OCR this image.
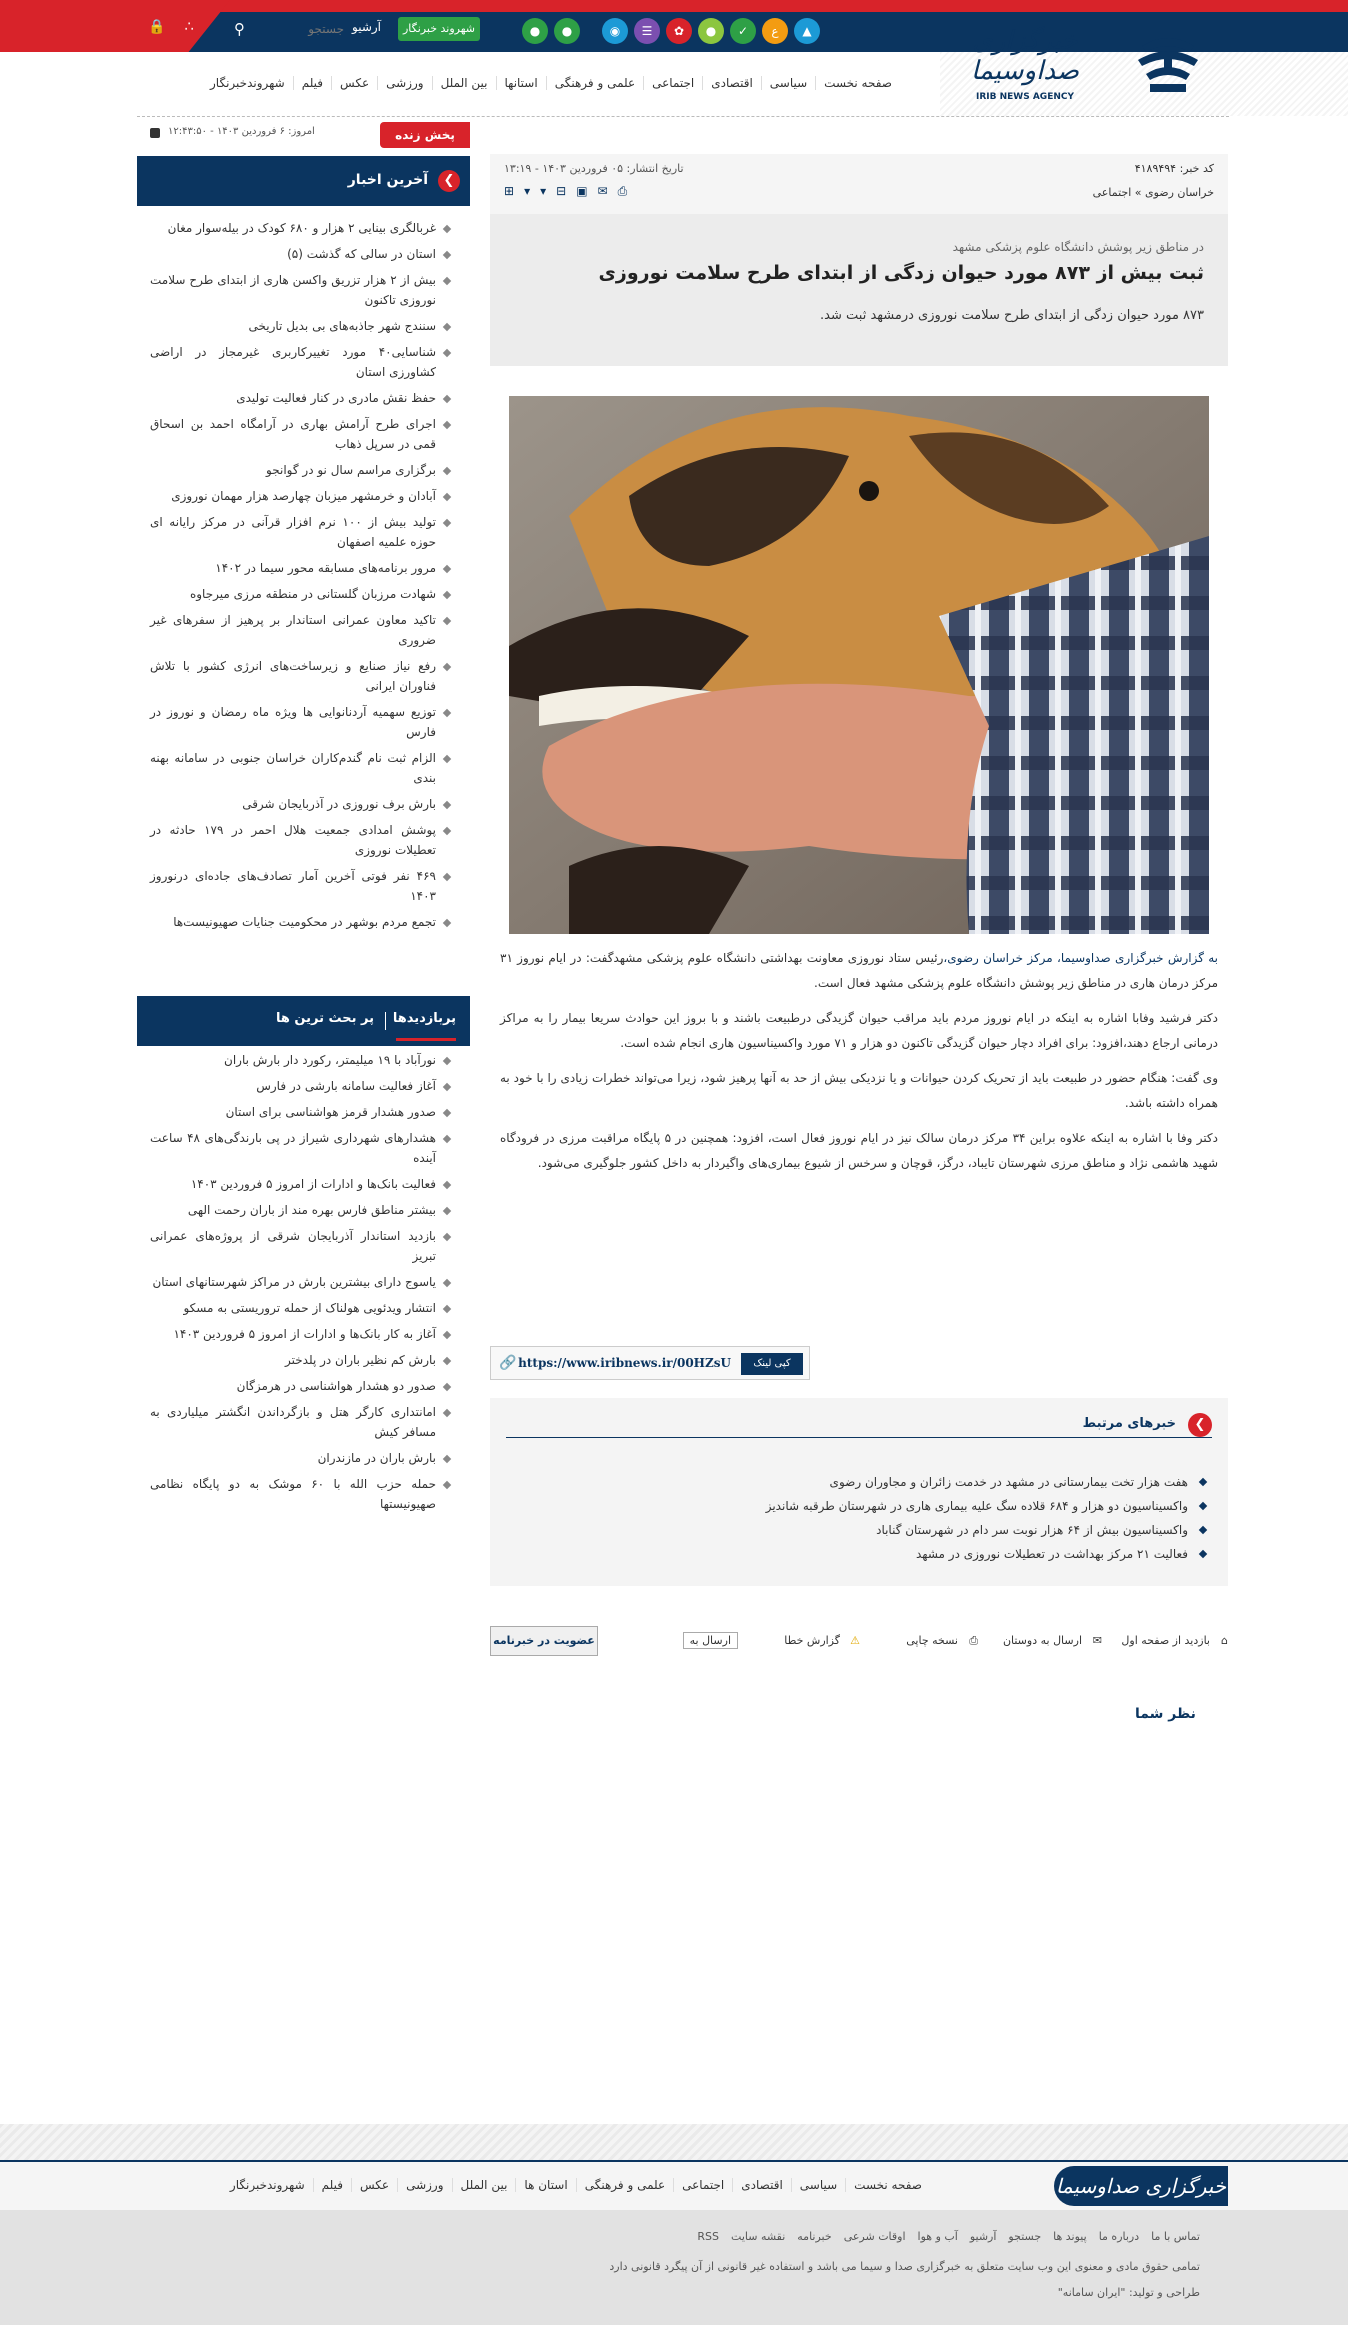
🔒	∴	⚲
جستجو	آرشیو	شهروند خبرنگار	●	●	◉	☰	✿	●	✓	ع	▲	خبرگزاری صداوسیما
IRIB NEWS AGENCY
صفحه نخست
سیاسی
اقتصادی
اجتماعی
علمی و فرهنگی
استانها
بین الملل
ورزشی
عکس
فیلم
شهروندخبرنگار
امروز: ۶ فروردین ۱۴۰۳ - ۱۲:۴۳:۵۰	پخش زنده
❮
آخرین اخبار
غربالگری بینایی ۲ هزار و ۶۸۰ کودک در بیله‌سوار مغان
استان در سالی که گذشت (۵)
بیش از ۲ هزار تزریق واکسن هاری از ابتدای طرح سلامت نوروزی تاکنون
سنندج شهر جاذبه‌های بی بدیل تاریخی
شناسایی۴۰ مورد تغییرکاربری غیرمجاز در اراضی کشاورزی استان
حفظ نقش مادری در کنار فعالیت تولیدی
اجرای طرح آرامش بهاری در آرامگاه احمد بن اسحاق قمی در سرپل ذهاب
برگزاری مراسم سال نو در گوانجو
آبادان و خرمشهر میزبان چهارصد هزار مهمان نوروزی
تولید بیش از ۱۰۰ نرم افزار قرآنی در مرکز رایانه ای حوزه علمیه اصفهان
مرور برنامه‌های مسابقه محور سیما در ۱۴۰۲
شهادت مرزبان گلستانی در منطقه مرزی میرجاوه
تاکید معاون عمرانی استاندار بر پرهیز از سفرهای غیر ضروری
رفع نیاز صنایع و زیرساخت‌های انرژی کشور با تلاش فناوران ایرانی
توزیع سهمیه آردنانوایی ها ویژه ماه رمضان و نوروز در فارس
الزام ثبت نام گندم‌کاران خراسان جنوبی در سامانه بهنه بندی
بارش برف نوروزی در آذربایجان شرقی
پوشش امدادی جمعیت هلال احمر در ۱۷۹ حادثه در تعطیلات نوروزی
۴۶۹ نفر فوتی آخرین آمار تصادف‌های جاده‌ای درنوروز ۱۴۰۳
تجمع مردم بوشهر در محکومیت جنایات صهیونیست‌ها
پربازدیدها
پر بحث ترین ها
نورآباد با ۱۹ میلیمتر، رکورد دار بارش باران
آغاز فعالیت سامانه بارشی در فارس
صدور هشدار قرمز هواشناسی برای استان
هشدارهای شهرداری شیراز در پی بارندگی‌های ۴۸ ساعت آینده
فعالیت بانک‌ها و ادارات از امروز ۵ فروردین ۱۴۰۳
بیشتر مناطق فارس بهره مند از باران رحمت الهی
بازدید استاندار آذربایجان شرقی از پروژه‌های عمرانی تبریز
یاسوج دارای بیشترین بارش در مراکز شهرستانهای استان
انتشار ویدئویی هولناک از حمله تروریستی به مسکو
آغاز به کار بانک‌ها و ادارات از امروز ۵ فروردین ۱۴۰۳
بارش کم نظیر باران در پلدختر
صدور دو هشدار هواشناسی در هرمزگان
امانتداری کارگر هتل و بازگرداندن انگشتر میلیاردی به مسافر کیش
بارش باران در مازندران
حمله حزب الله با ۶۰ موشک به دو پایگاه نظامی صهیونیستها
کد خبر: ۴۱۸۹۴۹۴
تاریخ انتشار: ۰۵ فروردین ۱۴۰۳ - ۱۳:۱۹
خراسان رضوی » اجتماعی
⎙
✉
▣
⊟
▾
▾
⊞
در مناطق زیر پوشش دانشگاه علوم پزشکی مشهد
ثبت بیش از ۸۷۳ مورد حیوان زدگی از ابتدای طرح سلامت نوروزی
۸۷۳ مورد حیوان زدگی از ابتدای طرح سلامت نوروزی درمشهد ثبت شد.

به گزارش خبرگزاری صداوسیما، مرکز خراسان رضوی،رئیس ستاد نوروزی معاونت بهداشتی دانشگاه علوم پزشکی مشهدگفت: در ایام نوروز ۳۱ مرکز درمان هاری در مناطق زیر پوشش دانشگاه علوم پزشکی مشهد فعال است.

دکتر فرشید وفابا اشاره به اینکه در ایام نوروز مردم باید مراقب حیوان گزیدگی درطبیعت باشند و با بروز این حوادث سریعا بیمار را به مراکز درمانی ارجاع دهند،افزود: برای افراد دچار حیوان گزیدگی تاکنون دو هزار و ۷۱ مورد واکسیناسیون هاری انجام شده است.

وی گفت: هنگام حضور در طبیعت باید از تحریک کردن حیوانات و یا نزدیکی بیش از حد به آنها پرهیز شود، زیرا می‌تواند خطرات زیادی را با خود به همراه داشته باشد.

دکتر وفا با اشاره به اینکه علاوه براین ۳۴ مرکز درمان سالک نیز در ایام نوروز فعال است، افزود: همچنین در ۵ پایگاه مراقبت مرزی در فرودگاه شهید هاشمی نژاد و مناطق مرزی شهرستان تایباد، درگز، قوچان و سرخس از شیوع بیماری‌های واگیردار به داخل کشور جلوگیری می‌شود.

کپی لینک
https://www.iribnews.ir/00HZsU
🔗
❮
خبرهای مرتبط
هفت هزار تخت بیمارستانی در مشهد در خدمت زائران و مجاوران رضوی
واکسیناسیون دو هزار و ۶۸۴ قلاده سگ علیه بیماری هاری در شهرستان طرقبه شاندیز
واکسیناسیون بیش از ۶۴ هزار نوبت سر دام در شهرستان گناباد
فعالیت ۲۱ مرکز بهداشت در تعطیلات نوروزی در مشهد
⌂
بازدید از صفحه اول
✉
ارسال به دوستان
⎙
نسخه چاپی
⚠
گزارش خطا
ارسال به
عضویت در خبرنامه
نظر شما
خبرگزاری صداوسیما
صفحه نخست
سیاسی
اقتصادی
اجتماعی
علمی و فرهنگی
استان ها
بین الملل
ورزشی
عکس
فیلم
شهروندخبرنگار
تماس با ما
درباره ما
پیوند ها
جستجو
آرشیو
آب و هوا
اوقات شرعی
خبرنامه
نقشه سایت
RSS
تمامی حقوق مادی و معنوی این وب سایت متعلق به خبرگزاری صدا و سیما می باشد و استفاده غیر قانونی از آن پیگرد قانونی دارد
طراحی و تولید: "ایران سامانه"
